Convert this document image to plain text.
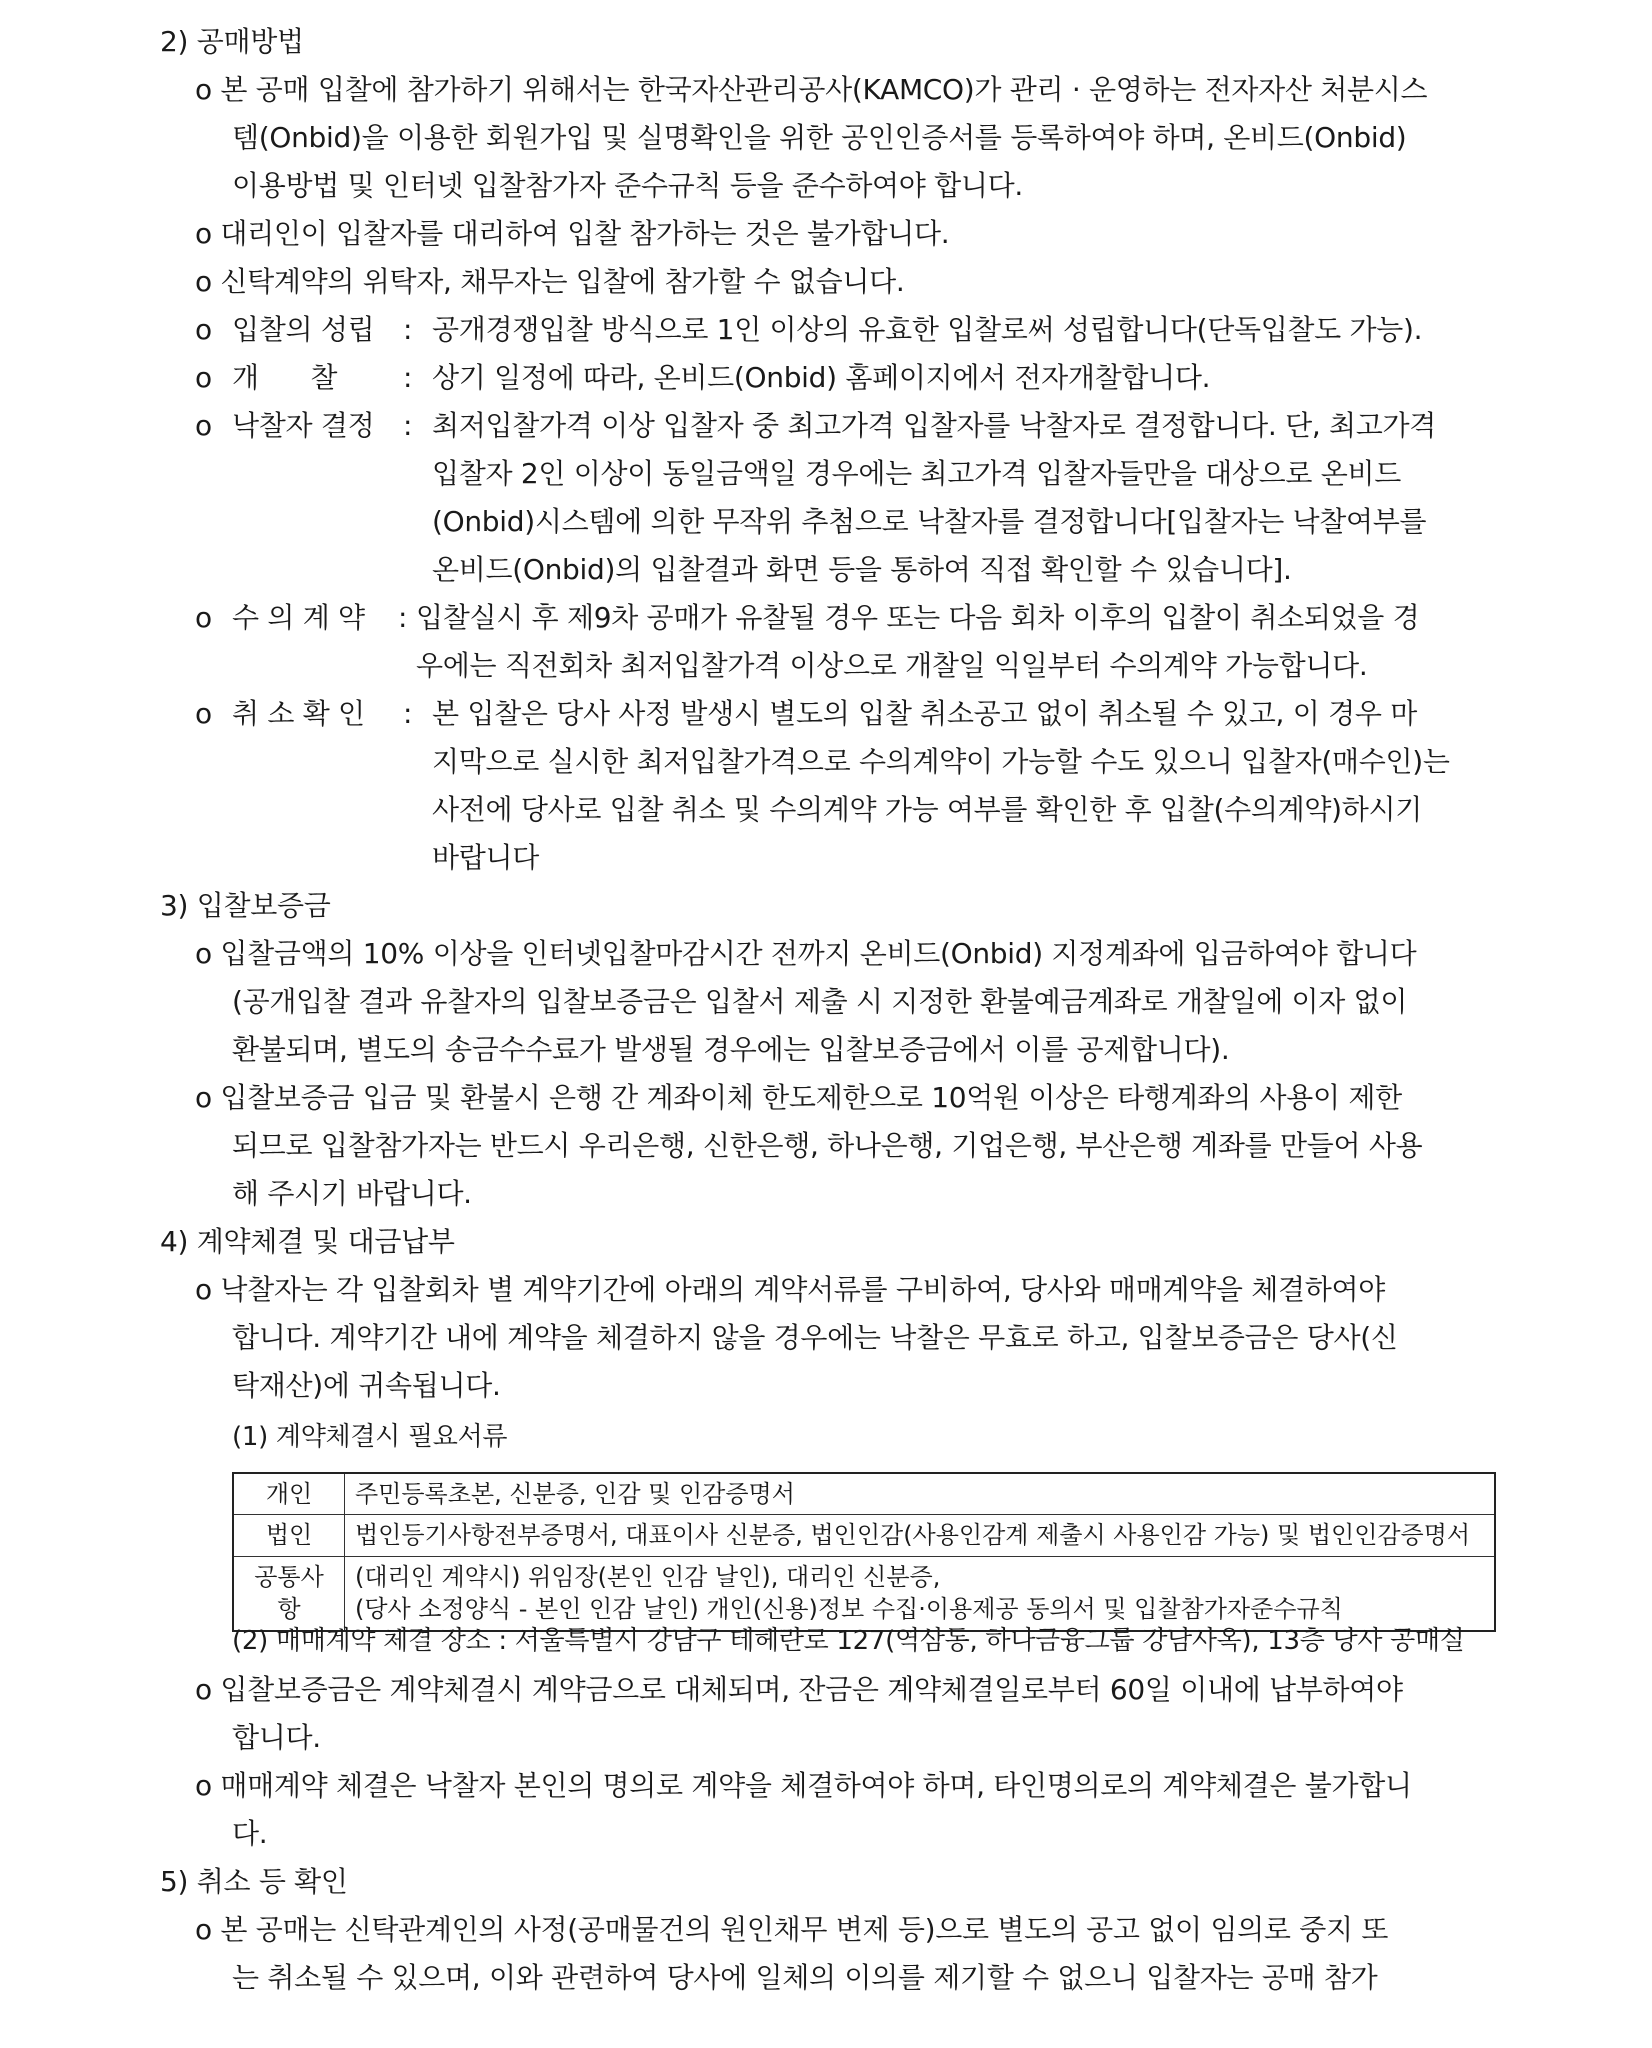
2) 공매방법
o 본 공매 입찰에 참가하기 위해서는 한국자산관리공사(KAMCO)가 관리 · 운영하는 전자자산 처분시스
템(Onbid)을 이용한 회원가입 및 실명확인을 위한 공인인증서를 등록하여야 하며, 온비드(Onbid)
이용방법 및 인터넷 입찰참가자 준수규칙 등을 준수하여야 합니다.
o 대리인이 입찰자를 대리하여 입찰 참가하는 것은 불가합니다.
o 신탁계약의 위탁자, 채무자는 입찰에 참가할 수 없습니다.
o 입찰의 성립 : 공개경쟁입찰 방식으로 1인 이상의 유효한 입찰로써 성립합니다(단독입찰도 가능).
o 개      찰 : 상기 일정에 따라, 온비드(Onbid) 홈페이지에서 전자개찰합니다.
o 낙찰자 결정 : 최저입찰가격 이상 입찰자 중 최고가격 입찰자를 낙찰자로 결정합니다. 단, 최고가격
입찰자 2인 이상이 동일금액일 경우에는 최고가격 입찰자들만을 대상으로 온비드
(Onbid)시스템에 의한 무작위 추첨으로 낙찰자를 결정합니다[입찰자는 낙찰여부를
온비드(Onbid)의 입찰결과 화면 등을 통하여 직접 확인할 수 있습니다].
o 수 의 계 약 : 입찰실시 후 제9차 공매가 유찰될 경우 또는 다음 회차 이후의 입찰이 취소되었을 경
우에는 직전회차 최저입찰가격 이상으로 개찰일 익일부터 수의계약 가능합니다.
o 취 소 확 인 : 본 입찰은 당사 사정 발생시 별도의 입찰 취소공고 없이 취소될 수 있고, 이 경우 마
지막으로 실시한 최저입찰가격으로 수의계약이 가능할 수도 있으니 입찰자(매수인)는
사전에 당사로 입찰 취소 및 수의계약 가능 여부를 확인한 후 입찰(수의계약)하시기
바랍니다
3) 입찰보증금
o 입찰금액의 10% 이상을 인터넷입찰마감시간 전까지 온비드(Onbid) 지정계좌에 입금하여야 합니다
(공개입찰 결과 유찰자의 입찰보증금은 입찰서 제출 시 지정한 환불예금계좌로 개찰일에 이자 없이
환불되며, 별도의 송금수수료가 발생될 경우에는 입찰보증금에서 이를 공제합니다).
o 입찰보증금 입금 및 환불시 은행 간 계좌이체 한도제한으로 10억원 이상은 타행계좌의 사용이 제한
되므로 입찰참가자는 반드시 우리은행, 신한은행, 하나은행, 기업은행, 부산은행 계좌를 만들어 사용
해 주시기 바랍니다.
4) 계약체결 및 대금납부
o 낙찰자는 각 입찰회차 별 계약기간에 아래의 계약서류를 구비하여, 당사와 매매계약을 체결하여야
합니다. 계약기간 내에 계약을 체결하지 않을 경우에는 낙찰은 무효로 하고, 입찰보증금은 당사(신
탁재산)에 귀속됩니다.
(1) 계약체결시 필요서류
개인	주민등록초본, 신분증, 인감 및 인감증명서
법인	법인등기사항전부증명서, 대표이사 신분증, 법인인감(사용인감계 제출시 사용인감 가능) 및 법인인감증명서
공통사항	(대리인 계약시) 위임장(본인 인감 날인), 대리인 신분증,
(당사 소정양식 - 본인 인감 날인) 개인(신용)정보 수집·이용제공 동의서 및 입찰참가자준수규칙
(2) 매매계약 체결 장소 : 서울특별시 강남구 테헤란로 127(역삼동, 하나금융그룹 강남사옥), 13층 당사 공매실
o 입찰보증금은 계약체결시 계약금으로 대체되며, 잔금은 계약체결일로부터 60일 이내에 납부하여야
합니다.
o 매매계약 체결은 낙찰자 본인의 명의로 계약을 체결하여야 하며, 타인명의로의 계약체결은 불가합니
다.
5) 취소 등 확인
o 본 공매는 신탁관계인의 사정(공매물건의 원인채무 변제 등)으로 별도의 공고 없이 임의로 중지 또
는 취소될 수 있으며, 이와 관련하여 당사에 일체의 이의를 제기할 수 없으니 입찰자는 공매 참가
